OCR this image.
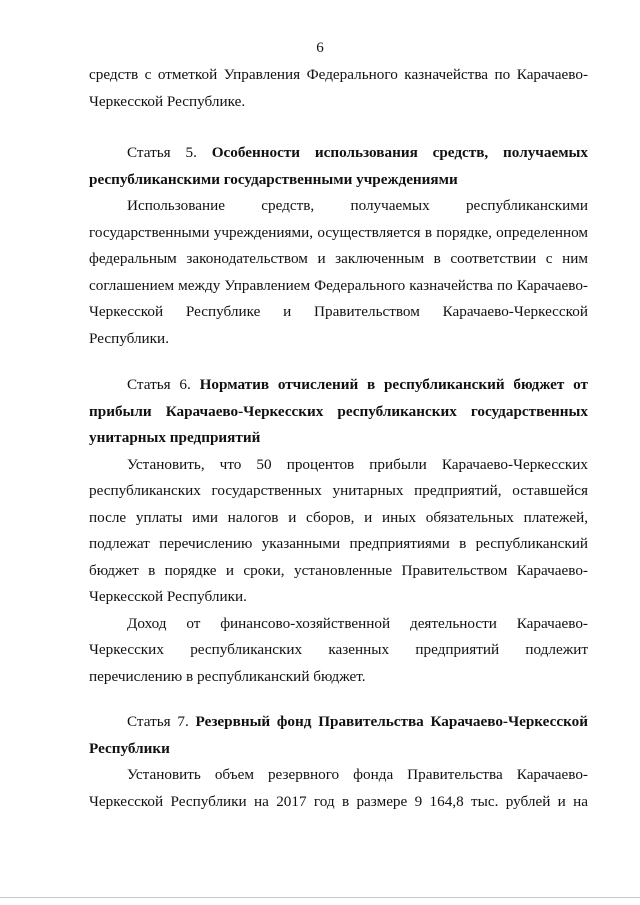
6
средств с отметкой Управления Федерального казначейства по Карачаево-
Черкесской Республике.
Статья 5. Особенности использования средств, получаемых
республиканскими государственными учреждениями
Использование средств, получаемых республиканскими
государственными учреждениями, осуществляется в порядке, определенном
федеральным законодательством и заключенным в соответствии с ним
соглашением между Управлением Федерального казначейства по Карачаево-
Черкесской Республике и Правительством Карачаево-Черкесской
Республики.
Статья 6. Норматив отчислений в республиканский бюджет от
прибыли Карачаево-Черкесских республиканских государственных
унитарных предприятий
Установить, что 50 процентов прибыли Карачаево-Черкесских
республиканских государственных унитарных предприятий, оставшейся
после уплаты ими налогов и сборов, и иных обязательных платежей,
подлежат перечислению указанными предприятиями в республиканский
бюджет в порядке и сроки, установленные Правительством Карачаево-
Черкесской Республики.
Доход от финансово-хозяйственной деятельности Карачаево-
Черкесских республиканских казенных предприятий подлежит
перечислению в республиканский бюджет.
Статья 7. Резервный фонд Правительства Карачаево-Черкесской
Республики
Установить объем резервного фонда Правительства Карачаево-
Черкесской Республики на 2017 год в размере 9 164,8 тыс. рублей и на
